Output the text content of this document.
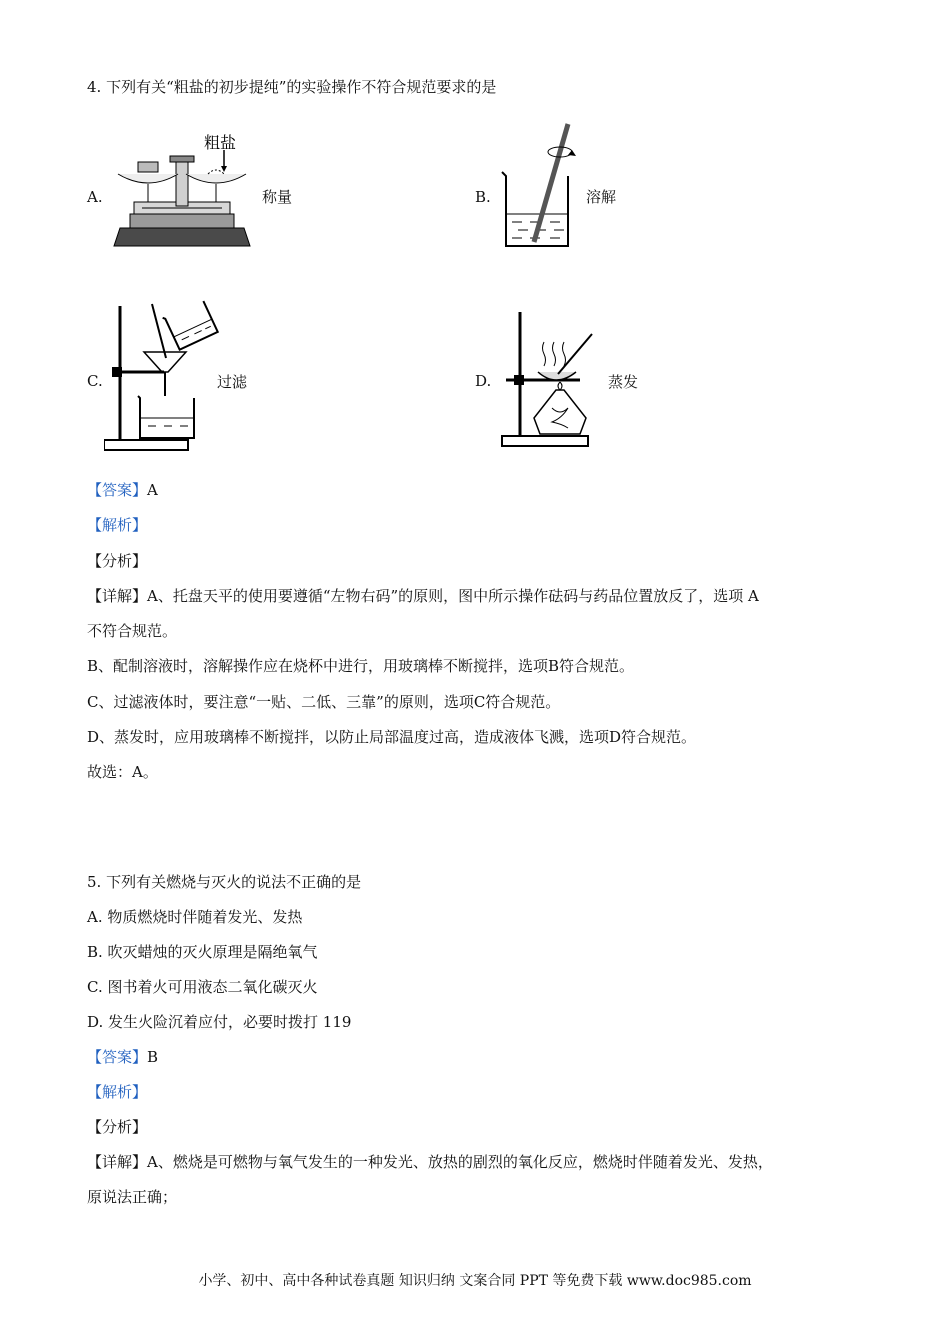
4. 下列有关“粗盐的初步提纯”的实验操作不符合规范要求的是
A.
粗盐
称量	B.	溶解
C.	过滤	D.	蒸发
【答案】A
【解析】
【分析】
【详解】A、托盘天平的使用要遵循“左物右码”的原则，图中所示操作砝码与药品位置放反了，选项 A
不符合规范。
B、配制溶液时，溶解操作应在烧杯中进行，用玻璃棒不断搅拌，选项B符合规范。
C、过滤液体时，要注意“一贴、二低、三靠”的原则，选项C符合规范。
D、蒸发时，应用玻璃棒不断搅拌，以防止局部温度过高，造成液体飞溅，选项D符合规范。
故选：A。
5. 下列有关燃烧与灭火的说法不正确的是
A. 物质燃烧时伴随着发光、发热
B. 吹灭蜡烛的灭火原理是隔绝氧气
C. 图书着火可用液态二氧化碳灭火
D. 发生火险沉着应付，必要时拨打 119
【答案】B
【解析】
【分析】
【详解】A、燃烧是可燃物与氧气发生的一种发光、放热的剧烈的氧化反应，燃烧时伴随着发光、发热，
原说法正确；
小学、初中、高中各种试卷真题 知识归纳 文案合同 PPT 等免费下载 www.doc985.com
